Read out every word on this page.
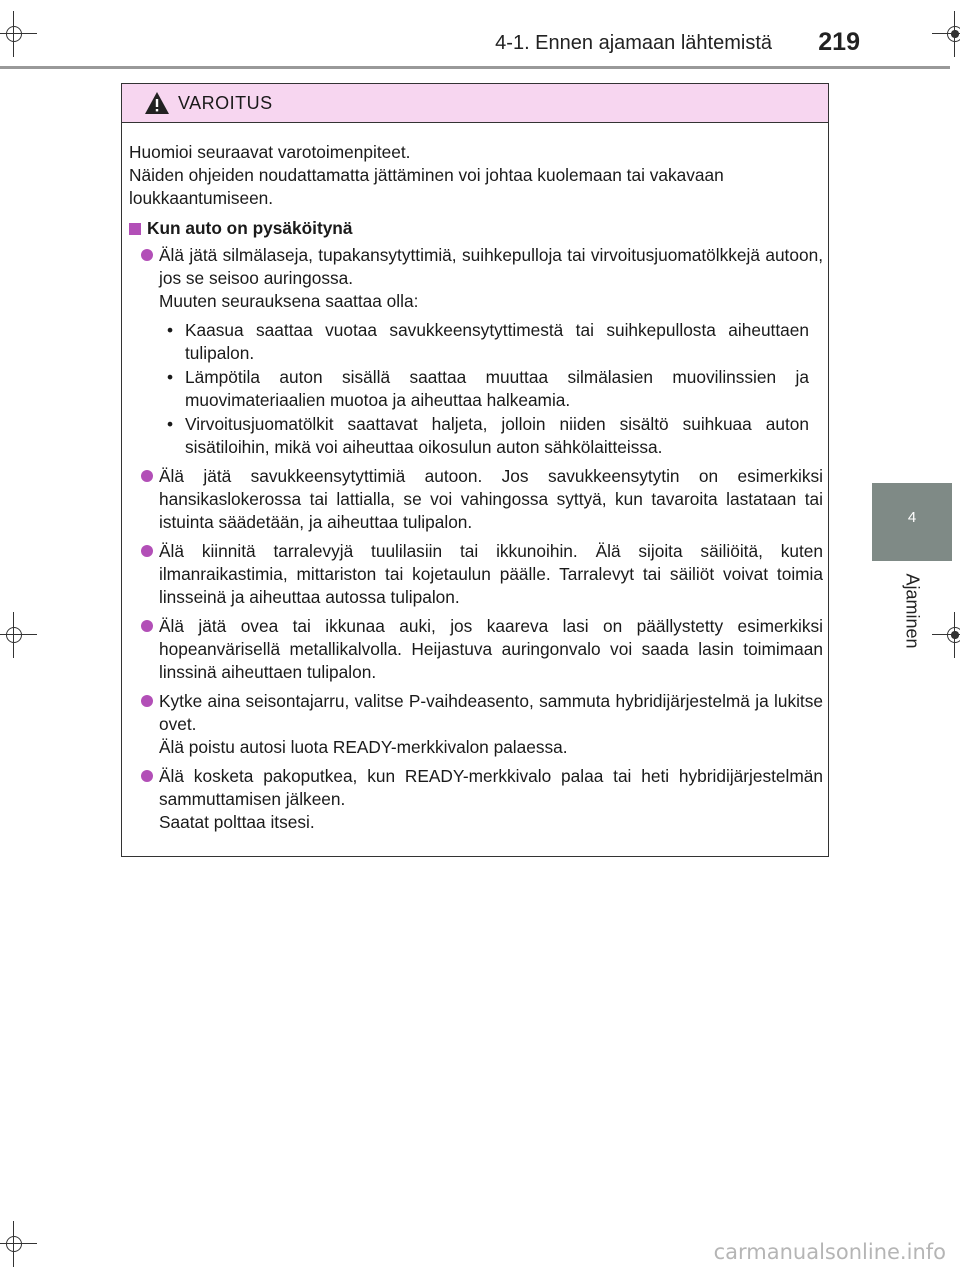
4-1. Ennen ajamaan lähtemistä 219
4
Ajaminen
VAROITUS

Huomioi seuraavat varotoimenpiteet.
Näiden ohjeiden noudattamatta jättäminen voi johtaa kuolemaan tai vakavaan loukkaantumiseen.

Kun auto on pysäköitynä

Älä jätä silmälaseja, tupakansytyttimiä, suihkepulloja tai virvoitusjuomatölkkejä autoon, jos se seisoo auringossa.

Muuten seurauksena saattaa olla:
• Kaasua saattaa vuotaa savukkeensytyttimestä tai suihkepullosta aiheuttaen tulipalon.
• Lämpötila auton sisällä saattaa muuttaa silmälasien muovilinssien ja muovimateriaalien muotoa ja aiheuttaa halkeamia.
• Virvoitusjuomatölkit saattavat haljeta, jolloin niiden sisältö suihkuaa auton sisätiloihin, mikä voi aiheuttaa oikosulun auton sähkölaitteissa.

Älä jätä savukkeensytyttimiä autoon. Jos savukkeensytytin on esimerkiksi hansikaslokerossa tai lattialla, se voi vahingossa syttyä, kun tavaroita lastataan tai istuinta säädetään, ja aiheuttaa tulipalon.

Älä kiinnitä tarralevyjä tuulilasiin tai ikkunoihin. Älä sijoita säiliöitä, kuten ilmanraikastimia, mittariston tai kojetaulun päälle. Tarralevyt tai säiliöt voivat toimia linsseinä ja aiheuttaa autossa tulipalon.

Älä jätä ovea tai ikkunaa auki, jos kaareva lasi on päällystetty esimerkiksi hopeanvärisellä metallikalvolla. Heijastuva auringonvalo voi saada lasin toimimaan linssinä aiheuttaen tulipalon.

Kytke aina seisontajarru, valitse P-vaihdeasento, sammuta hybridijärjestelmä ja lukitse ovet.

Älä poistu autosi luota READY-merkkivalon palaessa.

Älä kosketa pakoputkea, kun READY-merkkivalo palaa tai heti hybridijärjestelmän sammuttamisen jälkeen.

Saatat polttaa itsesi.
carmanualsonline.info
